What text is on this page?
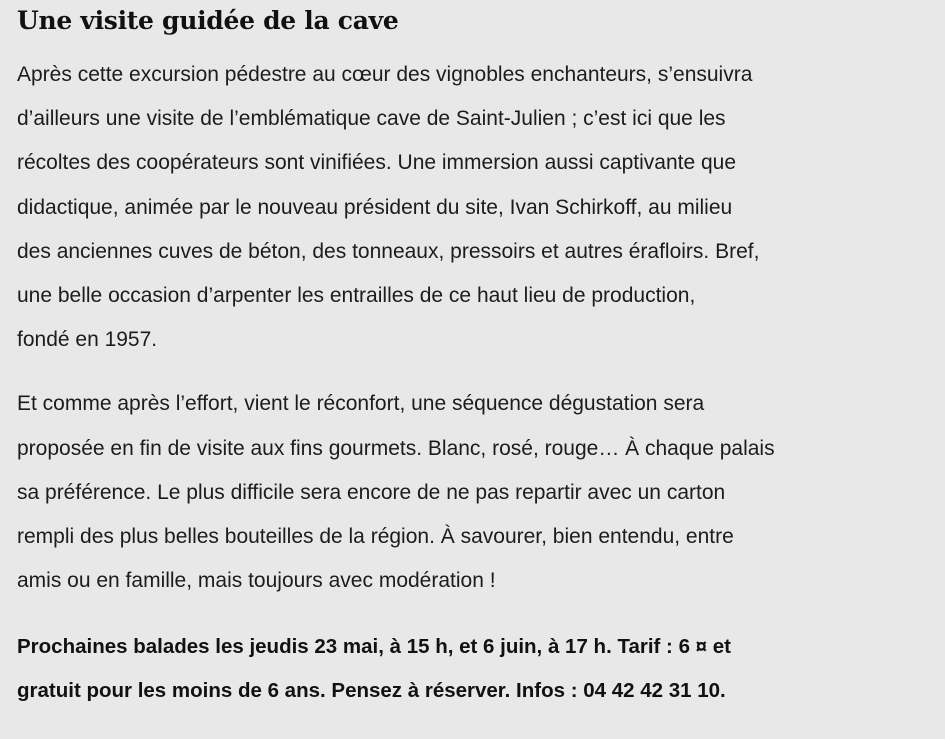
Une visite guidée de la cave

Après cette excursion pédestre au cœur des vignobles enchanteurs, s’ensuivra
d’ailleurs une visite de l’emblématique cave de Saint-Julien ; c’est ici que les
récoltes des coopérateurs sont vinifiées. Une immersion aussi captivante que
didactique, animée par le nouveau président du site, Ivan Schirkoff, au milieu
des anciennes cuves de béton, des tonneaux, pressoirs et autres érafloirs. Bref,
une belle occasion d’arpenter les entrailles de ce haut lieu de production,
fondé en 1957.

Et comme après l’effort, vient le réconfort, une séquence dégustation sera
proposée en fin de visite aux fins gourmets. Blanc, rosé, rouge… À chaque palais
sa préférence. Le plus difficile sera encore de ne pas repartir avec un carton
rempli des plus belles bouteilles de la région. À savourer, bien entendu, entre
amis ou en famille, mais toujours avec modération !

Prochaines balades les jeudis 23 mai, à 15 h, et 6 juin, à 17 h. Tarif : 6 ¤ et
gratuit pour les moins de 6 ans. Pensez à réserver. Infos : 04 42 42 31 10.
